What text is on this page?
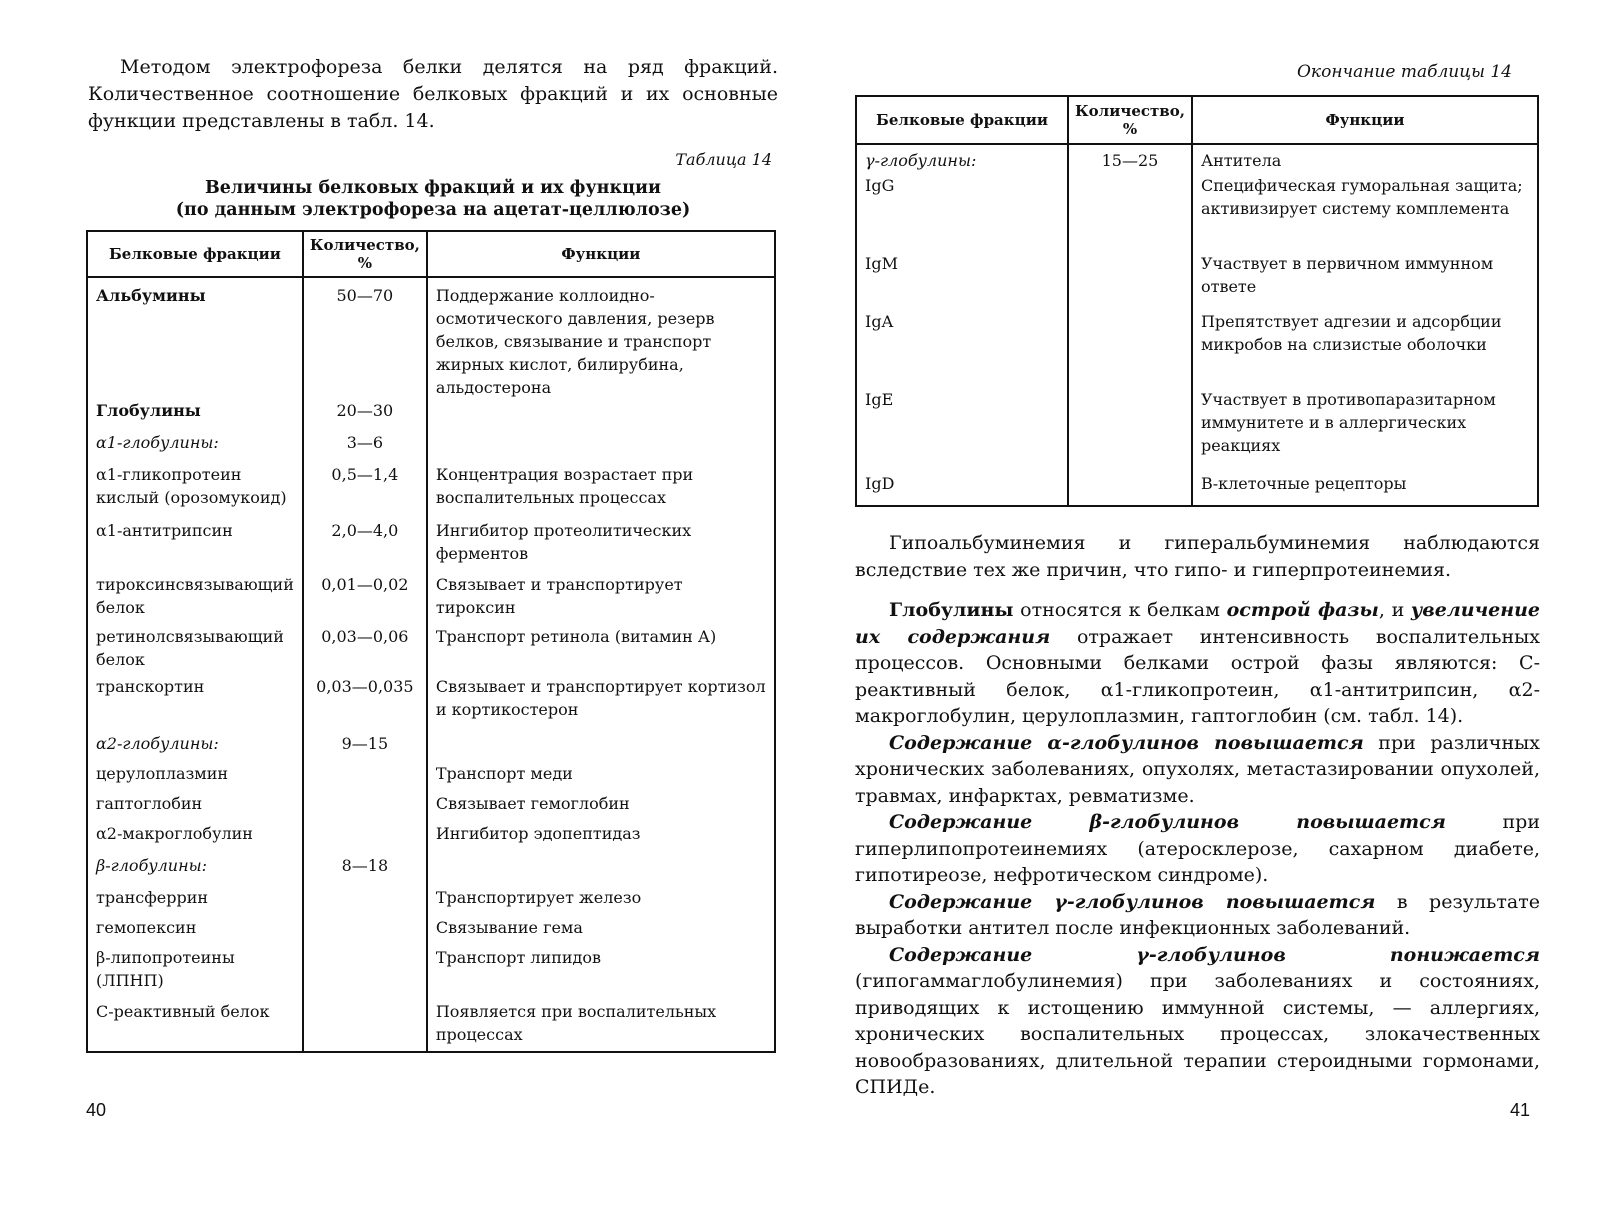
Методом электрофореза белки делятся на ряд фракций. Количественное соотношение белковых фракций и их основные функции представлены в табл. 14.
Таблица 14
Величины белковых фракций и их функции
(по данным электрофореза на ацетат-целлюлозе)
Белковые фракции	Количество, %	Функции
Альбумины	50—70	Поддержание коллоидно-осмотического давления, резерв белков, связывание и транспорт жирных кислот, билирубина, альдостерона
Глобулины	20—30	
α1-глобулины:	3—6	
α1-гликопротеин кислый (орозомукоид)	0,5—1,4	Концентрация возрастает при воспалительных процессах
α1-антитрипсин	2,0—4,0	Ингибитор протеолитических ферментов
тироксинсвязывающий белок	0,01—0,02	Связывает и транспортирует тироксин
ретинолсвязывающий белок	0,03—0,06	Транспорт ретинола (витамин А)
транскортин	0,03—0,035	Связывает и транспортирует кортизол и кортикостерон
α2-глобулины:	9—15	
церулоплазмин		Транспорт меди
гаптоглобин		Связывает гемоглобин
α2-макроглобулин		Ингибитор эдопептидаз
β-глобулины:	8—18	
трансферрин		Транспортирует железо
гемопексин		Связывание гема
β-липопротеины (ЛПНП)		Транспорт липидов
С-реактивный белок		Появляется при воспалительных процессах
40
Окончание таблицы 14
Белковые фракции	Количество, %	Функции
γ-глобулины:	15—25	Антитела
IgG		Специфическая гуморальная защита; активизирует систему комплемента
IgM		Участвует в первичном иммунном ответе
IgA		Препятствует адгезии и адсорбции микробов на слизистые оболочки
IgE		Участвует в противопаразитарном иммунитете и в аллергических реакциях
IgD		В-клеточные рецепторы

Гипоальбуминемия и гиперальбуминемия наблюдаются вследствие тех же причин, что гипо- и гиперпротеинемия.

Глобулины относятся к белкам острой фазы, и увеличение их содержания отражает интенсивность воспалительных процессов. Основными белками острой фазы являются: С-реактивный белок, α1-гликопротеин, α1-антитрипсин, α2-макроглобулин, церулоплазмин, гаптоглобин (см. табл. 14).

Содержание α-глобулинов повышается при различных хронических заболеваниях, опухолях, метастазировании опухолей, травмах, инфарктах, ревматизме.

Содержание β-глобулинов повышается при гиперлипопротеинемиях (атеросклерозе, сахарном диабете, гипотиреозе, нефротическом синдроме).

Содержание γ-глобулинов повышается в результате выработки антител после инфекционных заболеваний.

Содержание γ-глобулинов понижается (гипогаммаглобулинемия) при заболеваниях и состояниях, приводящих к истощению иммунной системы, — аллергиях, хронических воспалительных процессах, злокачественных новообразованиях, длительной терапии стероидными гормонами, СПИДе.

41
